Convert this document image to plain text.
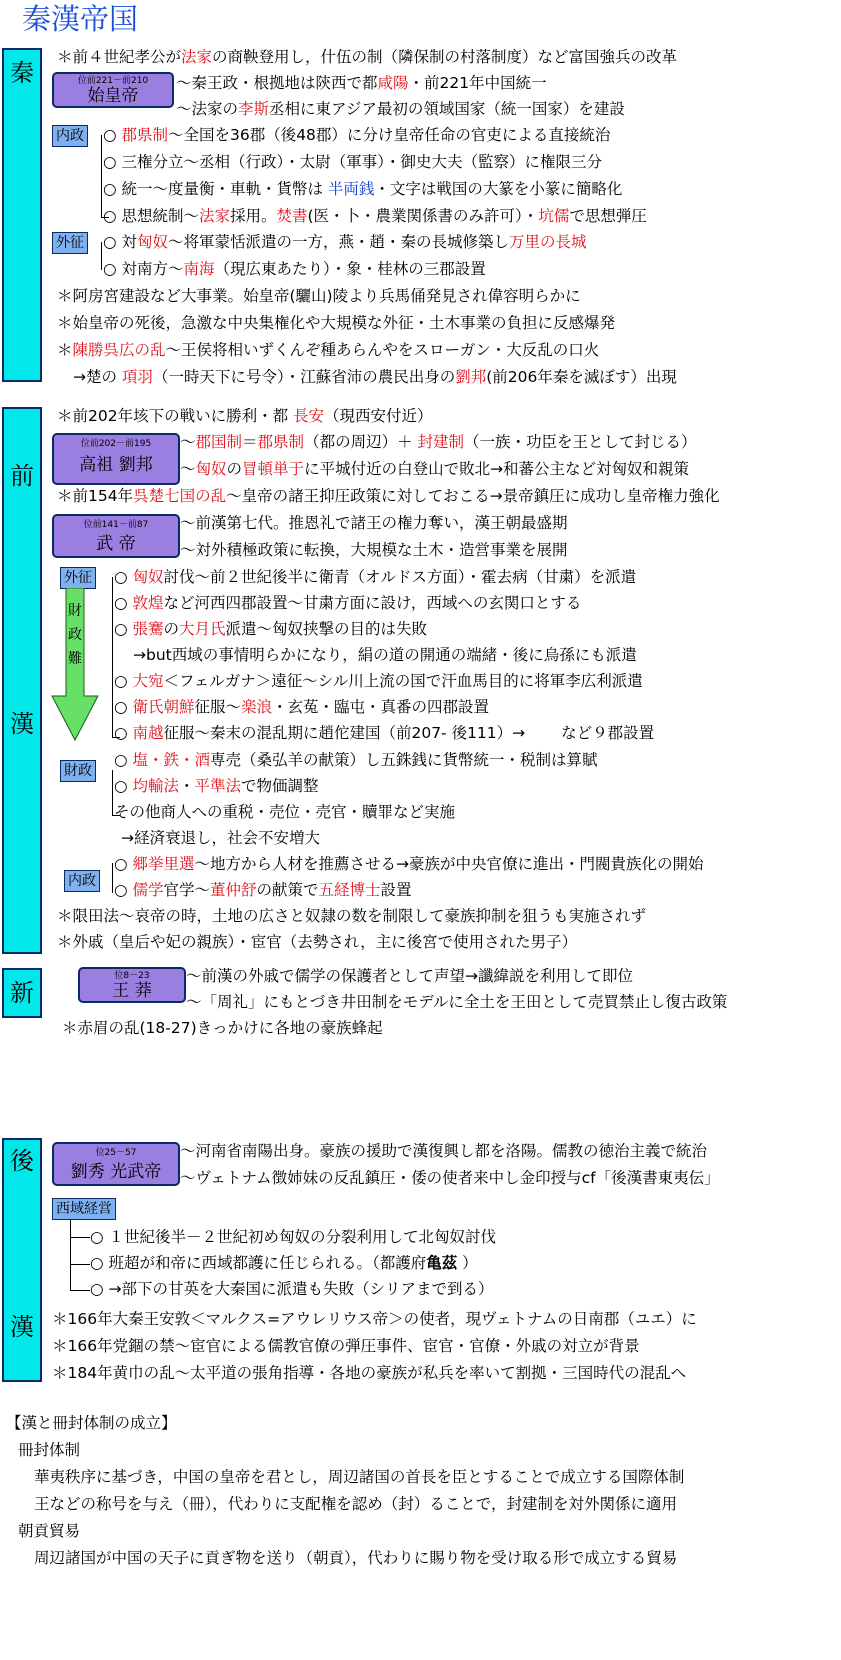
秦漢帝国
秦
＊前４世紀孝公が法家の商鞅登用し，什伍の制（隣保制の村落制度）など富国強兵の改革
位前221－前210
始皇帝
～秦王政・根拠地は陝西で都咸陽・前221年中国統一
～法家の李斯丞相に東アジア最初の領域国家（統一国家）を建設
内政 ○ 郡県制～全国を36郡（後48郡）に分け皇帝任命の官吏による直接統治
○ 三権分立～丞相（行政）・太尉（軍事）・御史大夫（監察）に権限三分
○ 統一～度量衡・車軌・貨幣は 半両銭・文字は戦国の大篆を小篆に簡略化
○ 思想統制～法家採用。焚書(医・卜・農業関係書のみ許可）・坑儒で思想弾圧
外征 ○ 対匈奴～将軍蒙恬派遣の一方，燕・趙・秦の長城修築し万里の長城
○ 対南方～南海（現広東あたり）・象・桂林の三郡設置
＊阿房宮建設など大事業。始皇帝(驪山)陵より兵馬俑発見され偉容明らかに
＊始皇帝の死後，急激な中央集権化や大規模な外征・土木事業の負担に反感爆発
＊陳勝呉広の乱～王侯将相いずくんぞ種あらんやをスローガン・大反乱の口火
→楚の 項羽（一時天下に号令）・江蘇省沛の農民出身の劉邦(前206年秦を滅ぼす）出現
前
漢
＊前202年垓下の戦いに勝利・都 長安（現西安付近）
位前202－前195
高祖 劉邦
～郡国制＝郡県制（都の周辺）＋ 封建制（一族・功臣を王として封じる）
～匈奴の冒頓単于に平城付近の白登山で敗北→和蕃公主など対匈奴和親策
＊前154年呉楚七国の乱～皇帝の諸王抑圧政策に対しておこる→景帝鎮圧に成功し皇帝権力強化
位前141－前87
武 帝
～前漢第七代。推恩礼で諸王の権力奪い，漢王朝最盛期
～対外積極政策に転換，大規模な土木・造営事業を展開
外征
財
政
難
○ 匈奴討伐～前２世紀後半に衛青（オルドス方面）・霍去病（甘粛）を派遣
○ 敦煌など河西四郡設置～甘粛方面に設け，西域への玄関口とする
○ 張騫の大月氏派遣～匈奴挟撃の目的は失敗
→but西域の事情明らかになり，絹の道の開通の端緒・後に烏孫にも派遣
○ 大宛＜フェルガナ＞遠征～シル川上流の国で汗血馬目的に将軍李広利派遣
○ 衛氏朝鮮征服～楽浪・玄菟・臨屯・真番の四郡設置
○ 南越征服～秦末の混乱期に趙佗建国（前207- 後111）→　　 など９郡設置
財政
○ 塩・鉄・酒専売（桑弘羊の献策）し五銖銭に貨幣統一・税制は算賦
○ 均輸法・平準法で物価調整
その他商人への重税・売位・売官・贖罪など実施
→経済衰退し，社会不安増大
内政
○ 郷挙里選～地方から人材を推薦させる→豪族が中央官僚に進出・門閥貴族化の開始
○ 儒学官学～董仲舒の献策で五経博士設置
＊限田法～哀帝の時，土地の広さと奴隷の数を制限して豪族抑制を狙うも実施されず
＊外戚（皇后や妃の親族）・宦官（去勢され，主に後宮で使用された男子）
新
位8－23
王 莽
～前漢の外戚で儒学の保護者として声望→讖緯説を利用して即位
～「周礼」にもとづき井田制をモデルに全土を王田として売買禁止し復古政策
＊赤眉の乱(18-27)きっかけに各地の豪族蜂起
後
漢
位25－57
劉秀 光武帝
～河南省南陽出身。豪族の援助で漢復興し都を洛陽。儒教の徳治主義で統治
～ヴェトナム徴姉妹の反乱鎮圧・倭の使者来中し金印授与cf「後漢書東夷伝」
西域経営
○ １世紀後半－２世紀初め匈奴の分裂利用して北匈奴討伐
○ 班超が和帝に西域都護に任じられる。（都護府亀茲 ）
○ →部下の甘英を大秦国に派遣も失敗（シリアまで到る）
＊166年大秦王安敦＜マルクス=アウレリウス帝＞の使者，現ヴェトナムの日南郡（ユエ）に
＊166年党錮の禁～宦官による儒教官僚の弾圧事件、宦官・官僚・外戚の対立が背景
＊184年黄巾の乱～太平道の張角指導・各地の豪族が私兵を率いて割拠・三国時代の混乱へ
【漢と冊封体制の成立】
冊封体制
華夷秩序に基づき，中国の皇帝を君とし，周辺諸国の首長を臣とすることで成立する国際体制
王などの称号を与え（冊），代わりに支配権を認め（封）ることで，封建制を対外関係に適用
朝貢貿易
周辺諸国が中国の天子に貢ぎ物を送り（朝貢），代わりに賜り物を受け取る形で成立する貿易
